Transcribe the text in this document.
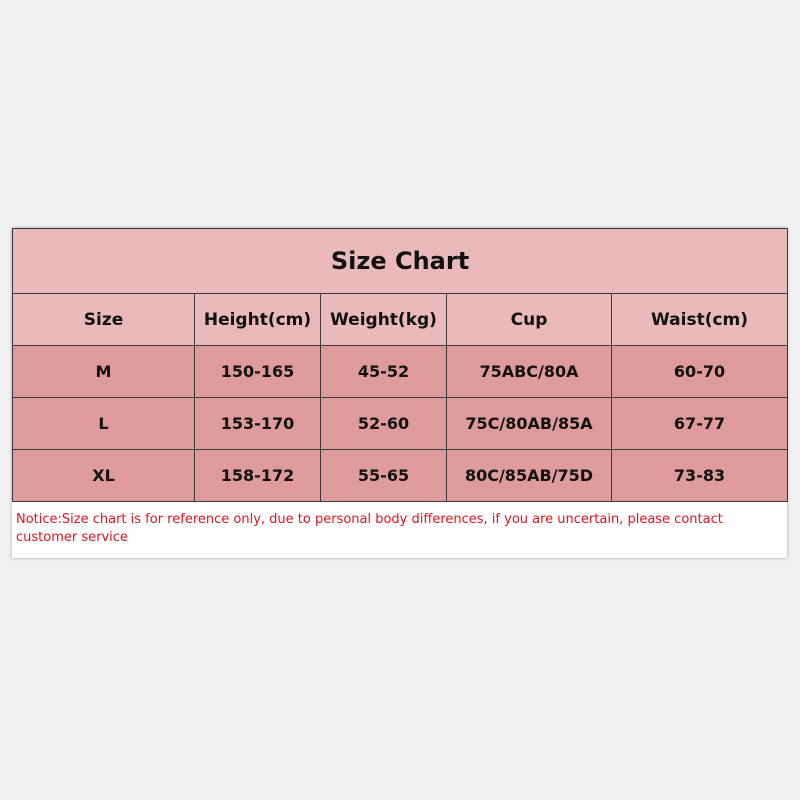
Size Chart				
Size	Height(cm)	Weight(kg)	Cup	Waist(cm)
M	150-165	45-52	75ABC/80A	60-70
L	153-170	52-60	75C/80AB/85A	67-77
XL	158-172	55-65	80C/85AB/75D	73-83
Notice:Size chart is for reference only, due to personal body differences, if you are uncertain, please contact customer service
